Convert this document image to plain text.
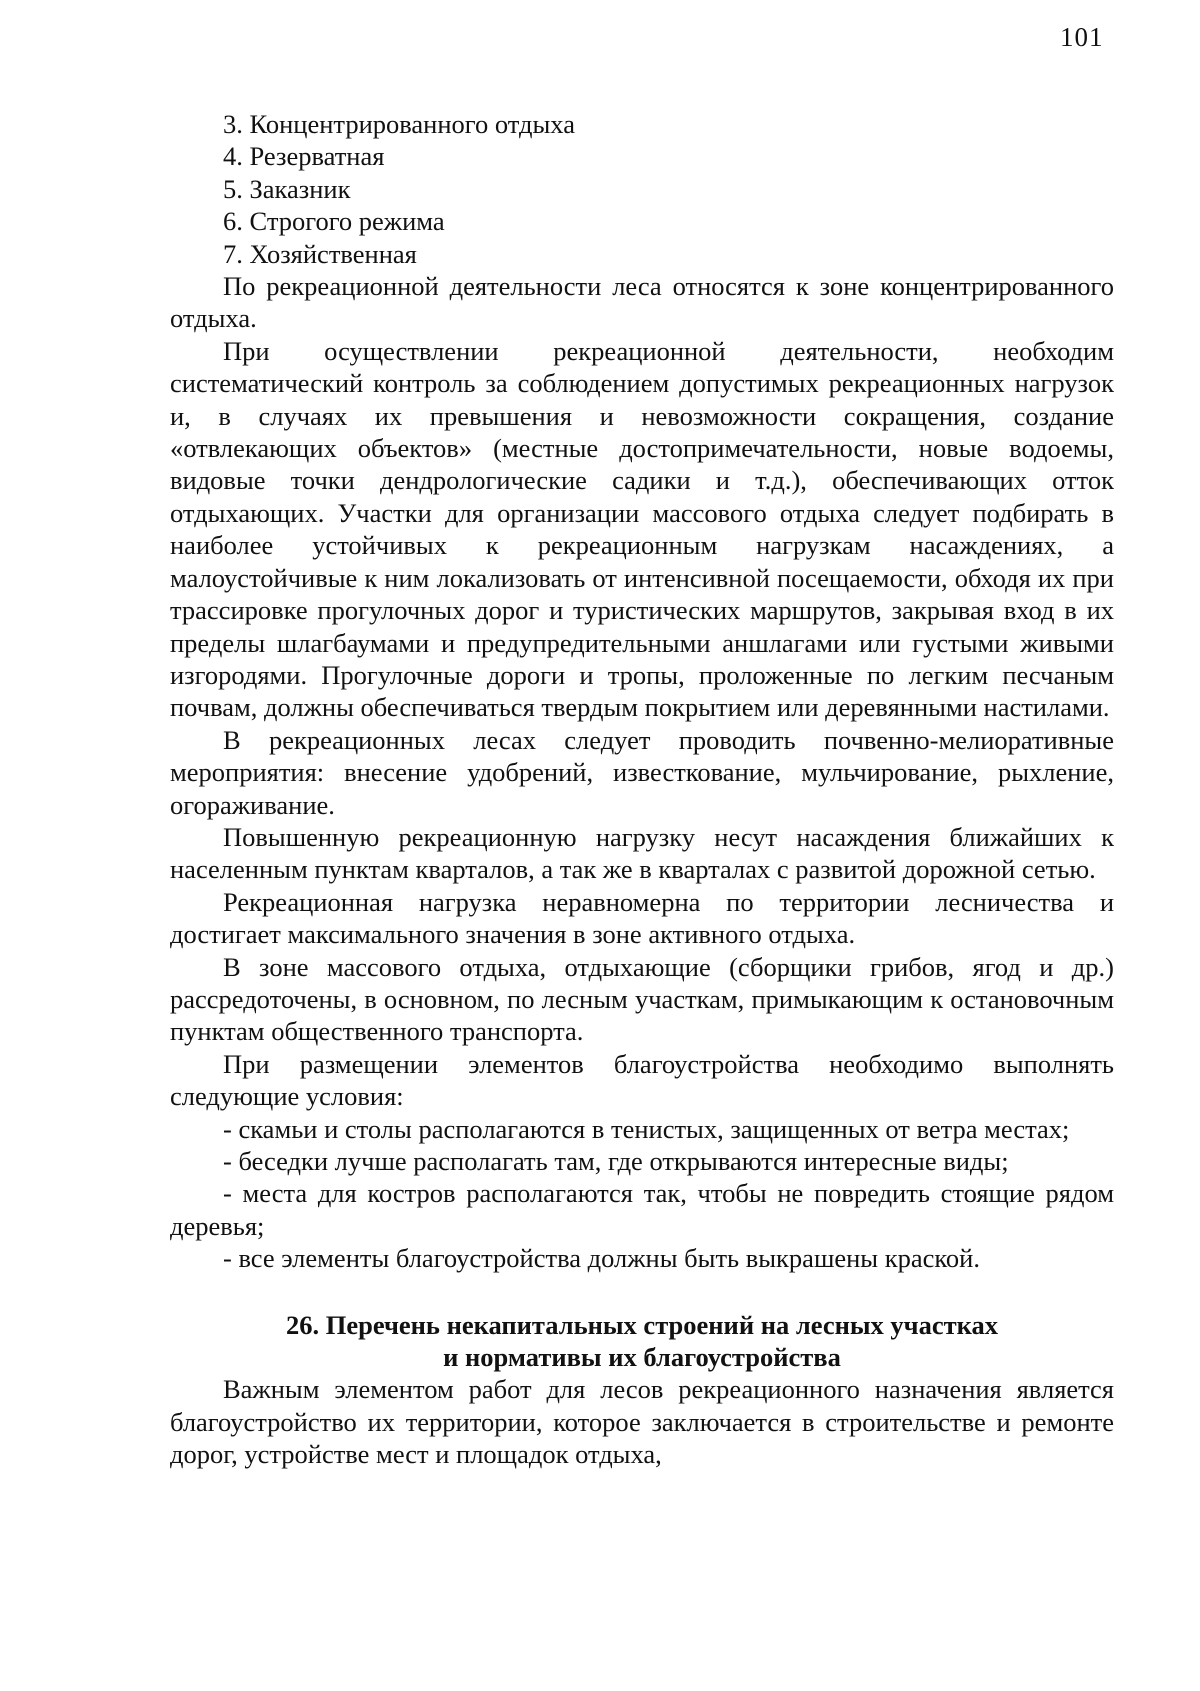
101
3. Концентрированного отдыха
4. Резерватная
5. Заказник
6. Строгого режима
7. Хозяйственная

По рекреационной деятельности леса относятся к зоне концентрированного отдыха.

При осуществлении рекреационной деятельности, необходим систематический контроль за соблюдением допустимых рекреационных нагрузок и, в случаях их превышения и невозможности сокращения, создание «отвлекающих объектов» (местные достопримечательности, новые водоемы, видовые точки дендрологические садики и т.д.), обеспечивающих отток отдыхающих. Участки для организации массового отдыха следует подбирать в наиболее устойчивых к рекреационным нагрузкам насаждениях, а малоустойчивые к ним локализовать от интенсивной посещаемости, обходя их при трассировке прогулочных дорог и туристических маршрутов, закрывая вход в их пределы шлагбаумами и предупредительными аншлагами или густыми живыми изгородями. Прогулочные дороги и тропы, проложенные по легким песчаным почвам, должны обеспечиваться твердым покрытием или деревянными настилами.

В рекреационных лесах следует проводить почвенно-мелиоративные мероприятия: внесение удобрений, известкование, мульчирование, рыхление, огораживание.

Повышенную рекреационную нагрузку несут насаждения ближайших к населенным пунктам кварталов, а так же в кварталах с развитой дорожной сетью.

Рекреационная нагрузка неравномерна по территории лесничества и достигает максимального значения в зоне активного отдыха.

В зоне массового отдыха, отдыхающие (сборщики грибов, ягод и др.) рассредоточены, в основном, по лесным участкам, примыкающим к остановочным пунктам общественного транспорта.

При размещении элементов благоустройства необходимо выполнять следующие условия:

- скамьи и столы располагаются в тенистых, защищенных от ветра местах;

- беседки лучше располагать там, где открываются интересные виды;

- места для костров располагаются так, чтобы не повредить стоящие рядом деревья;

- все элементы благоустройства должны быть выкрашены краской.

26. Перечень некапитальных строений на лесных участках
и нормативы их благоустройства

Важным элементом работ для лесов рекреационного назначения является благоустройство их территории, которое заключается в строительстве и ремонте дорог, устройстве мест и площадок отдыха,
